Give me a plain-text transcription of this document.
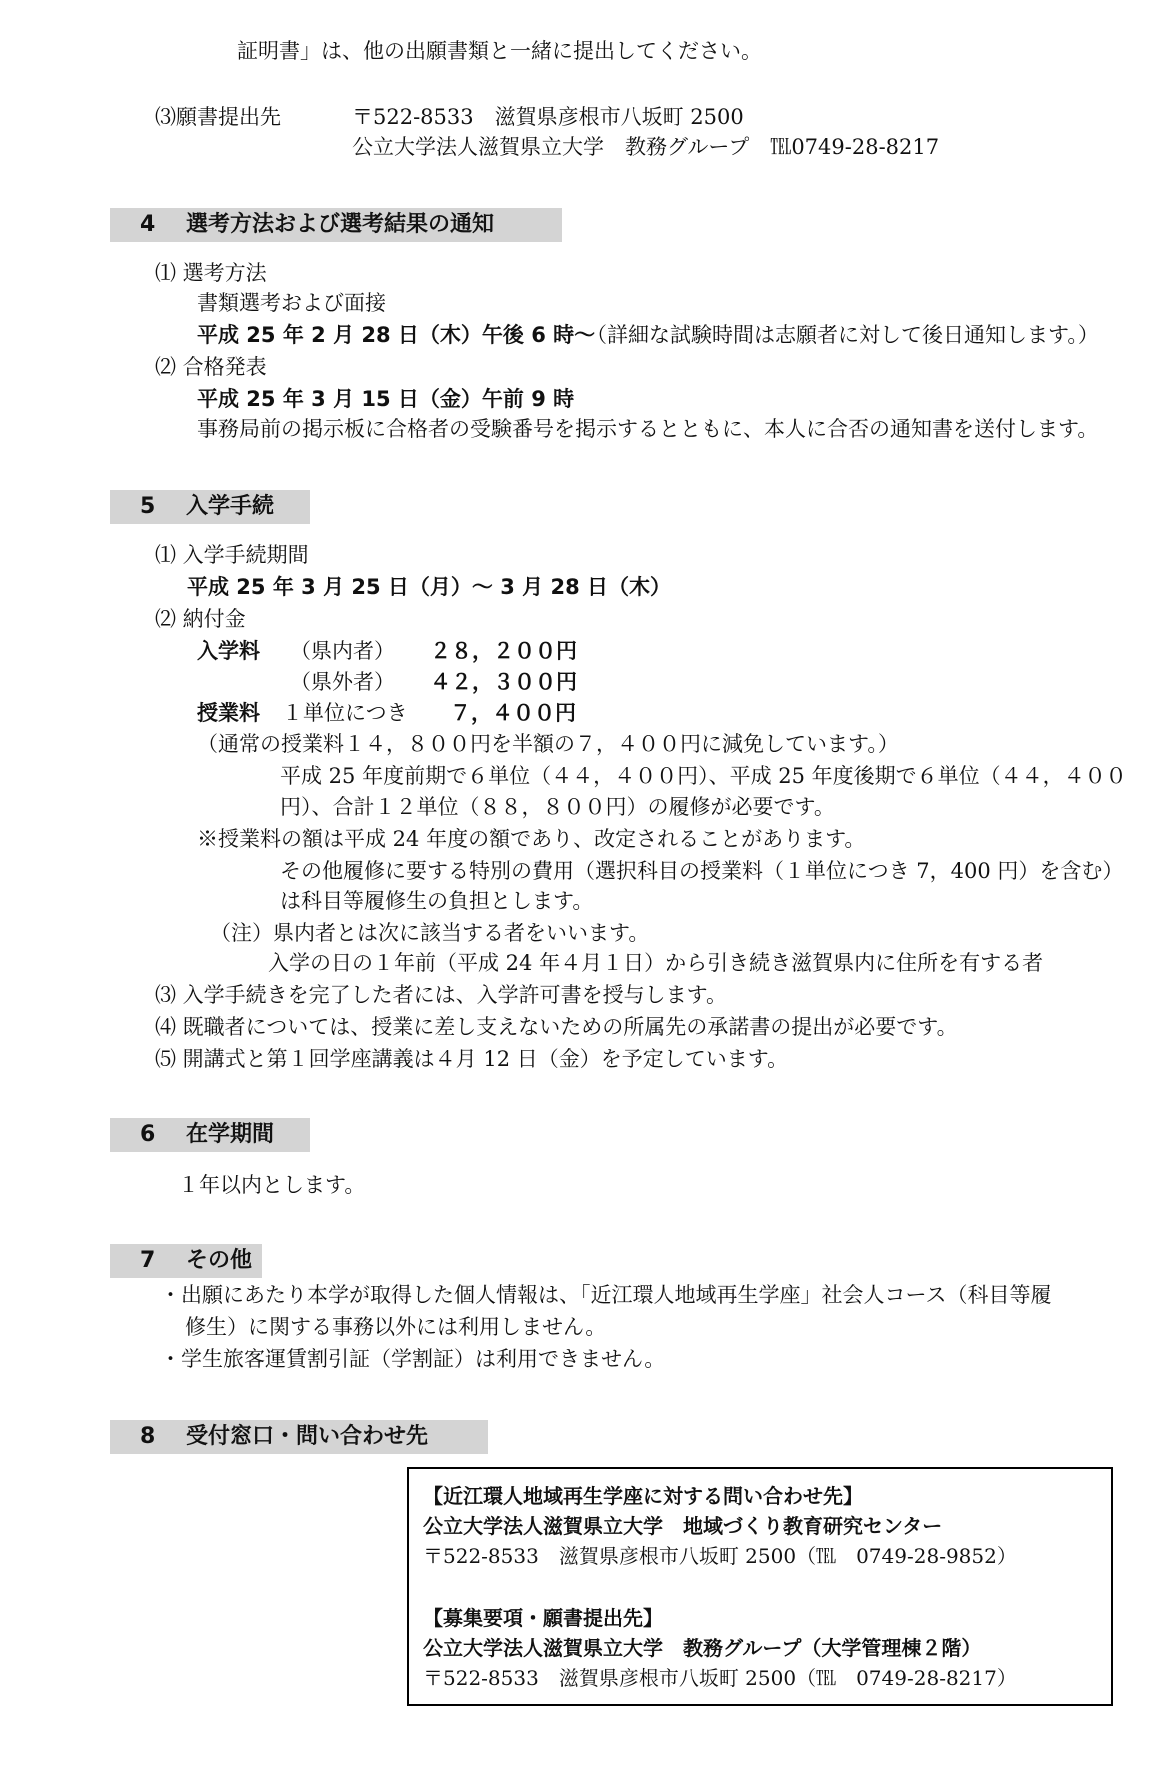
証明書」は、他の出願書類と一緒に提出してください。
⑶願書提出先	〒522-8533　滋賀県彦根市八坂町 2500
公立大学法人滋賀県立大学　教務グループ　℡0749-28-8217
4 選考方法および選考結果の通知
⑴ 選考方法
書類選考および面接
平成 25 年 2 月 28 日（木）午後 6 時～
（詳細な試験時間は志願者に対して後日通知します。）
⑵ 合格発表
平成 25 年 3 月 15 日（金）午前 9 時
事務局前の掲示板に合格者の受験番号を掲示するとともに、本人に合否の通知書を送付します。
5 入学手続
⑴ 入学手続期間
平成 25 年 3 月 25 日（月）～ 3 月 28 日（木）
⑵ 納付金
入学料 （県内者） ２８，２００円
（県外者） ４２，３００円
授業料 １単位につき ７，４００円
（通常の授業料１４，８００円を半額の７，４００円に減免しています。）
平成 25 年度前期で６単位（４４，４００円）、平成 25 年度後期で６単位（４４，４００
円）、合計１２単位（８８，８００円）の履修が必要です。
※授業料の額は平成 24 年度の額であり、改定されることがあります。
その他履修に要する特別の費用（選択科目の授業料（１単位につき 7，400 円）を含む）
は科目等履修生の負担とします。
（注）県内者とは次に該当する者をいいます。
入学の日の１年前（平成 24 年４月１日）から引き続き滋賀県内に住所を有する者
⑶ 入学手続きを完了した者には、入学許可書を授与します。
⑷ 既職者については、授業に差し支えないための所属先の承諾書の提出が必要です。
⑸ 開講式と第１回学座講義は４月 12 日（金）を予定しています。
6 在学期間
１年以内とします。
7 その他
・出願にあたり本学が取得した個人情報は、「近江環人地域再生学座」社会人コース（科目等履
修生）に関する事務以外には利用しません。
・学生旅客運賃割引証（学割証）は利用できません。
8 受付窓口・問い合わせ先
【近江環人地域再生学座に対する問い合わせ先】
公立大学法人滋賀県立大学　地域づくり教育研究センター
〒522-8533　滋賀県彦根市八坂町 2500（℡　0749-28-9852）
【募集要項・願書提出先】
公立大学法人滋賀県立大学　教務グループ（大学管理棟２階）
〒522-8533　滋賀県彦根市八坂町 2500（℡　0749-28-8217）
